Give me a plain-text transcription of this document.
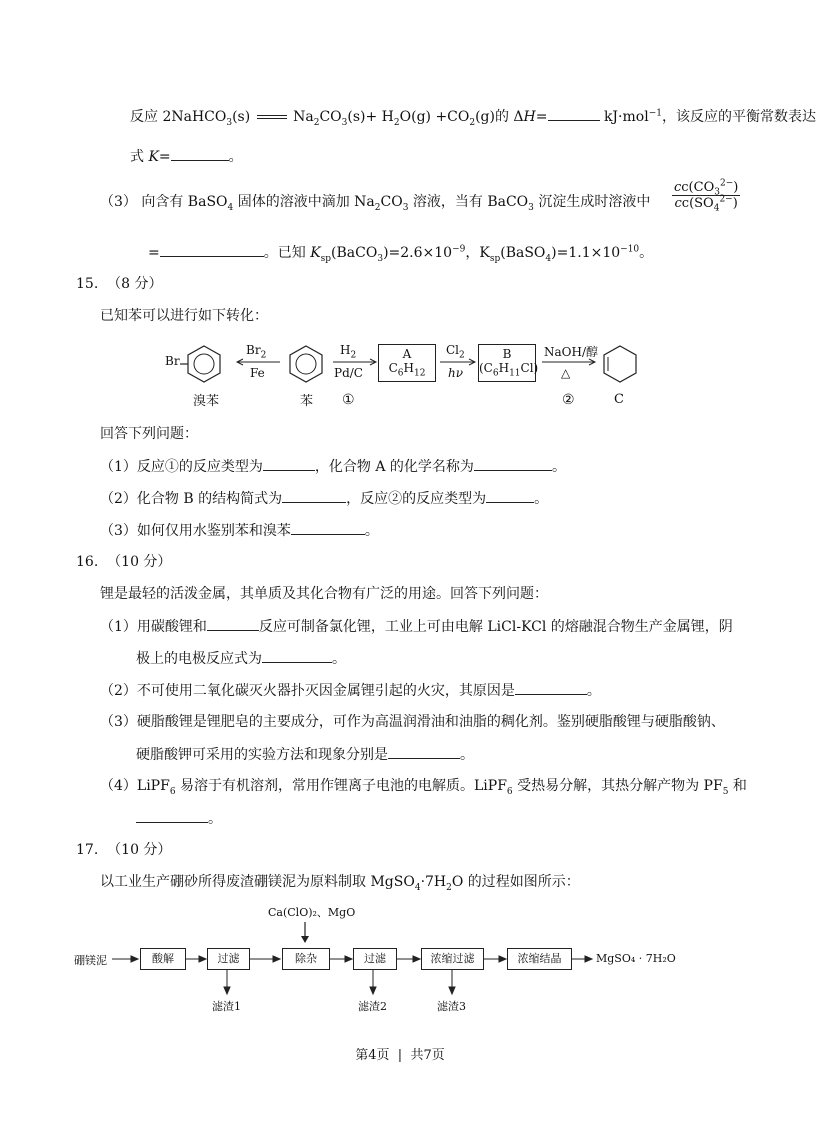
反应 2NaHCO$_3$(s)	$Na_2CO_3(s)+ H_2O(g) +CO_2(g)$的 ΔH=	kJ·mol$^{-1}$，该反应的平衡常数表达
式 K=	。
（3） 向含有 BaSO$_4$ 固体的溶液中滴加 $Na_2CO_3$ 溶液，当有 BaCO$_3$ 沉淀生成时溶液中 $\frac{cc(CO_3^{2-})}{cc(SO_4^{2-})}$
=	。已知 $K_{sp}(BaCO_3)=2.6\times 10^{-9}$，$K_{sp}(BaSO_4)=1.1\times 10^{-10}$。
15. （8 分）
已知苯可以进行如下转化：
Br
溴苯
$Br_2$
Fe
苯
$H_2$
Pd/C
①
A
$C_6H_{12}$
$Cl_2$
hν
B
$(C_6H_{11}Cl)$
NaOH/醇
△
②	C
回答下列问题：
（1）反应①的反应类型为	，化合物 A 的化学名称为	。
（2）化合物 B 的结构简式为	，反应②的反应类型为	。
（3）如何仅用水鉴别苯和溴苯	。
16. （10 分）
锂是最轻的活泼金属，其单质及其化合物有广泛的用途。回答下列问题：
（1）用碳酸锂和	反应可制备氯化锂，工业上可由电解 LiCl-KCl 的熔融混合物生产金属锂，阴
极上的电极反应式为	。
（2）不可使用二氧化碳灭火器扑灭因金属锂引起的火灾，其原因是	。
（3）硬脂酸锂是锂肥皂的主要成分，可作为高温润滑油和油脂的稠化剂。鉴别硬脂酸锂与硬脂酸钠、
硬脂酸钾可采用的实验方法和现象分别是	。
（4）LiPF$_6$ 易溶于有机溶剂，常用作锂离子电池的电解质。LiPF$_6$ 受热易分解，其热分解产物为 $PF_5$ 和
。
17. （10 分）
以工业生产硼砂所得废渣硼镁泥为原料制取 $MgSO_4\cdot 7H_2O$ 的过程如图所示：
Ca(ClO)₂、MgO
硼镁泥	酸解	过滤	除杂	过滤	浓缩过滤	浓缩结晶	MgSO₄ · 7H₂O
滤渣1	滤渣2	滤渣3
第4页 | 共7页
